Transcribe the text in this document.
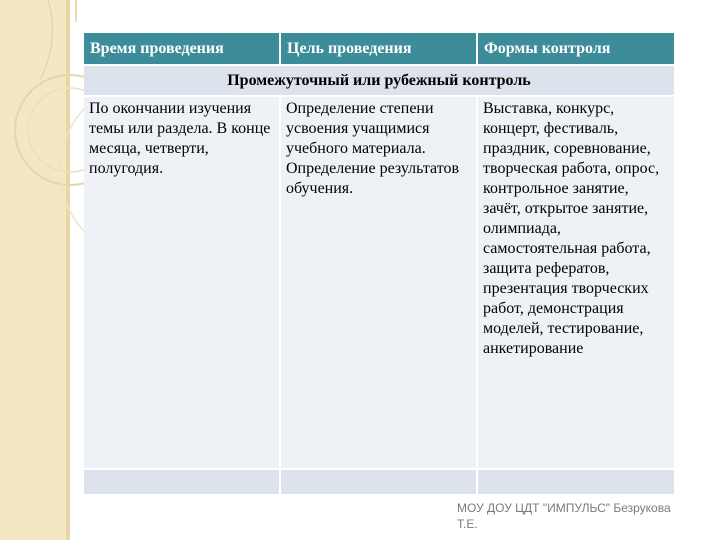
Время проведения	Цель проведения	Формы контроля
Промежуточный или рубежный контроль		
По окончании изучения темы или раздела. В конце месяца, четверти, полугодия.	Определение степени усвоения учащимися учебного материала. Определение результатов обучения.	Выставка, конкурс, концерт, фестиваль, праздник, соревнование, творческая работа, опрос, контрольное занятие, зачёт, открытое занятие, олимпиада, самостоятельная работа, защита рефератов, презентация творческих работ, демонстрация моделей, тестирование, анкетирование

МОУ ДОУ ЦДТ "ИМПУЛЬС" Безрукова Т.Е.
